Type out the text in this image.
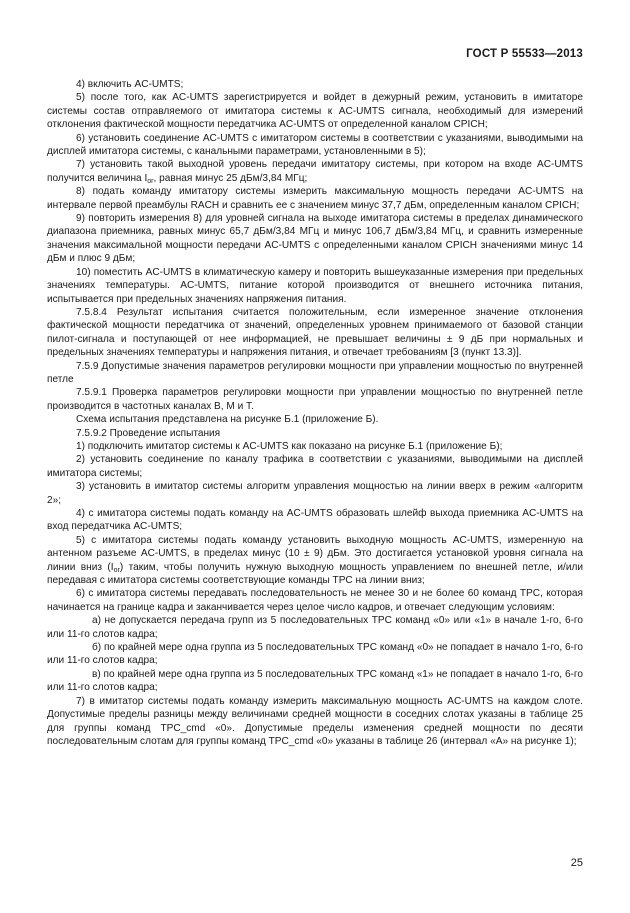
ГОСТ Р 55533—2013

4) включить AC-UMTS;

5) после того, как AC-UMTS зарегистрируется и войдет в дежурный режим, установить в имитаторе системы состав отправляемого от имитатора системы к AC-UMTS сигнала, необходимый для измерений отклонения фактической мощности передатчика AC-UMTS от определенной каналом CPICH;

6) установить соединение AC-UMTS с имитатором системы в соответствии с указаниями, выводимыми на дисплей имитатора системы, с канальными параметрами, установленными в 5);

7) установить такой выходной уровень передачи имитатору системы, при котором на входе AC-UMTS получится величина $I_{or}$, равная минус 25 дБм/3,84 МГц;

8) подать команду имитатору системы измерить максимальную мощность передачи AC-UMTS на интервале первой преамбулы RACH и сравнить ее с значением минус 37,7 дБм, определенным каналом CPICH;

9) повторить измерения 8) для уровней сигнала на выходе имитатора системы в пределах динамического диапазона приемника, равных минус 65,7 дБм/3,84 МГц и минус 106,7 дБм/3,84 МГц, и сравнить измеренные значения максимальной мощности передачи AC-UMTS с определенными каналом CPICH значениями минус 14 дБм и плюс 9 дБм;

10) поместить AC-UMTS в климатическую камеру и повторить вышеуказанные измерения при предельных значениях температуры. AC-UMTS, питание которой производится от внешнего источника питания, испытывается при предельных значениях напряжения питания.

7.5.8.4 Результат испытания считается положительным, если измеренное значение отклонения фактической мощности передатчика от значений, определенных уровнем принимаемого от базовой станции пилот-сигнала и поступающей от нее информацией, не превышает величины ± 9 дБ при нормальных и предельных значениях температуры и напряжения питания, и отвечает требованиям [3 (пункт 13.3)].

7.5.9 Допустимые значения параметров регулировки мощности при управлении мощностью по внутренней петле

7.5.9.1 Проверка параметров регулировки мощности при управлении мощностью по внутренней петле производится в частотных каналах В, М и Т.

Схема испытания представлена на рисунке Б.1 (приложение Б).

7.5.9.2 Проведение испытания

1) подключить имитатор системы к AC-UMTS как показано на рисунке Б.1 (приложение Б);

2) установить соединение по каналу трафика в соответствии с указаниями, выводимыми на дисплей имитатора системы;

3) установить в имитатор системы алгоритм управления мощностью на линии вверх в режим «алгоритм 2»;

4) с имитатора системы подать команду на AC-UMTS образовать шлейф выхода приемника AC-UMTS на вход передатчика AC-UMTS;

5) с имитатора системы подать команду установить выходную мощность AC-UMTS, измеренную на антенном разъеме AC-UMTS, в пределах минус (10 ± 9) дБм. Это достигается установкой уровня сигнала на линии вниз $(I_{or})$ таким, чтобы получить нужную выходную мощность управлением по внешней петле, и/или передавая с имитатора системы соответствующие команды TPC на линии вниз;

6) с имитатора системы передавать последовательность не менее 30 и не более 60 команд TPC, которая начинается на границе кадра и заканчивается через целое число кадров, и отвечает следующим условиям:

а) не допускается передача групп из 5 последовательных TPC команд «0» или «1» в начале 1-го, 6-го или 11-го слотов кадра;

б) по крайней мере одна группа из 5 последовательных TPC команд «0» не попадает в начало 1-го, 6-го или 11-го слотов кадра;

в) по крайней мере одна группа из 5 последовательных TPC команд «1» не попадает в начало 1-го, 6-го или 11-го слотов кадра;

7) в имитатор системы подать команду измерить максимальную мощность AC-UMTS на каждом слоте. Допустимые пределы разницы между величинами средней мощности в соседних слотах указаны в таблице 25 для группы команд TPC_cmd «0». Допустимые пределы изменения средней мощности по десяти последовательным слотам для группы команд TPC_cmd «0» указаны в таблице 26 (интервал «А» на рисунке 1);

25
